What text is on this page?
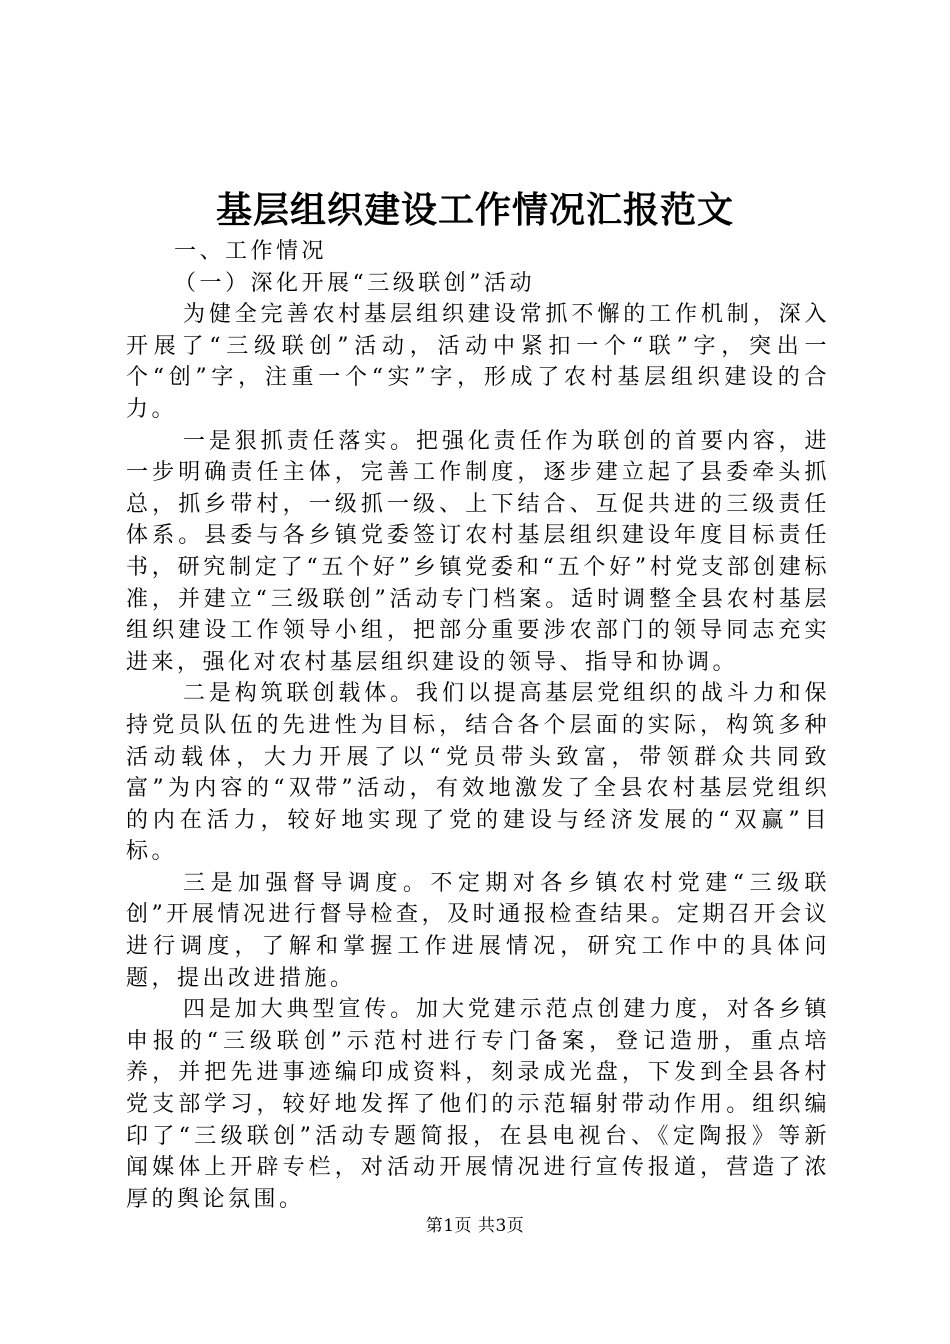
基层组织建设工作情况汇报范文
一、工作情况
（一）深化开展“三级联创”活动

为健全完善农村基层组织建设常抓不懈的工作机制，深入开展了“三级联创”活动，活动中紧扣一个“联”字，突出一个“创”字，注重一个“实”字，形成了农村基层组织建设的合力。

一是狠抓责任落实。把强化责任作为联创的首要内容，进一步明确责任主体，完善工作制度，逐步建立起了县委牵头抓总，抓乡带村，一级抓一级、上下结合、互促共进的三级责任体系。县委与各乡镇党委签订农村基层组织建设年度目标责任书，研究制定了“五个好”乡镇党委和“五个好”村党支部创建标准，并建立“三级联创”活动专门档案。适时调整全县农村基层组织建设工作领导小组，把部分重要涉农部门的领导同志充实进来，强化对农村基层组织建设的领导、指导和协调。

二是构筑联创载体。我们以提高基层党组织的战斗力和保持党员队伍的先进性为目标，结合各个层面的实际，构筑多种活动载体，大力开展了以“党员带头致富，带领群众共同致富”为内容的“双带”活动，有效地激发了全县农村基层党组织的内在活力，较好地实现了党的建设与经济发展的“双赢”目标。

三是加强督导调度。不定期对各乡镇农村党建“三级联创”开展情况进行督导检查，及时通报检查结果。定期召开会议进行调度，了解和掌握工作进展情况，研究工作中的具体问题，提出改进措施。

四是加大典型宣传。加大党建示范点创建力度，对各乡镇申报的“三级联创”示范村进行专门备案，登记造册，重点培养，并把先进事迹编印成资料，刻录成光盘，下发到全县各村党支部学习，较好地发挥了他们的示范辐射带动作用。组织编印了“三级联创”活动专题简报，在县电视台、《定陶报》等新闻媒体上开辟专栏，对活动开展情况进行宣传报道，营造了浓厚的舆论氛围。

第1页 共3页
